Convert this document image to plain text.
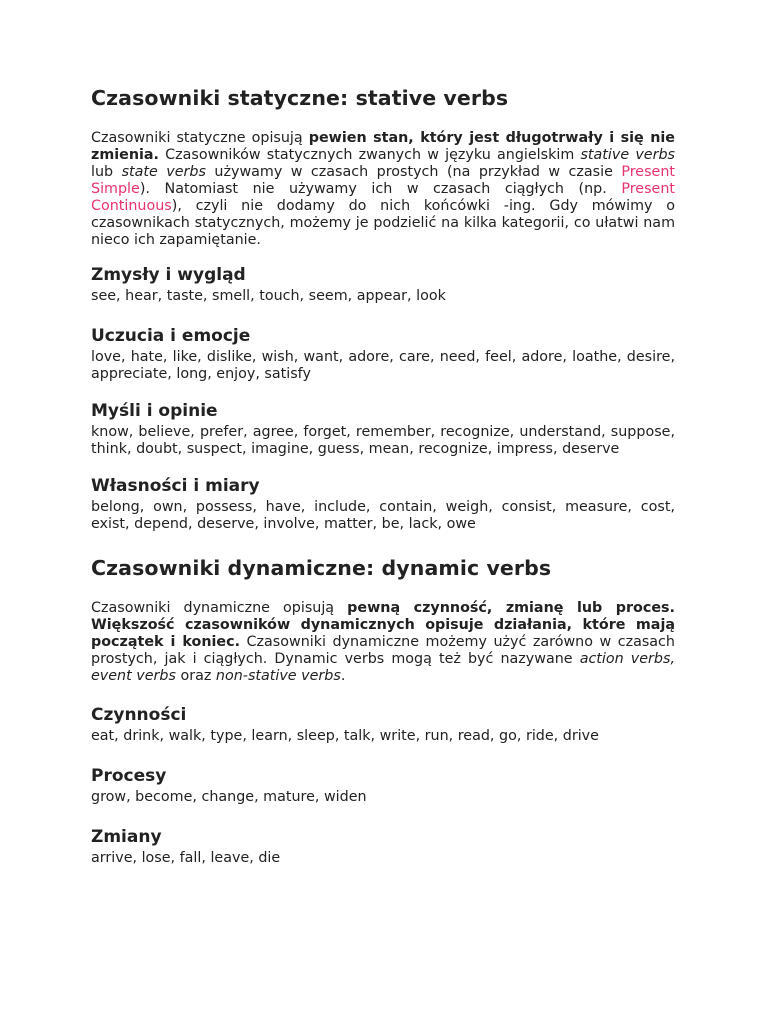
Czasowniki statyczne: stative verbs

Czasowniki statyczne opisują pewien stan, który jest długotrwały i się nie zmienia. Czasowników statycznych zwanych w języku angielskim stative verbs lub state verbs używamy w czasach prostych (na przykład w czasie Present Simple). Natomiast nie używamy ich w czasach ciągłych (np. Present Continuous), czyli nie dodamy do nich końcówki -ing. Gdy mówimy o czasownikach statycznych, możemy je podzielić na kilka kategorii, co ułatwi nam nieco ich zapamiętanie.

Zmysły i wygląd

see, hear, taste, smell, touch, seem, appear, look

Uczucia i emocje

love, hate, like, dislike, wish, want, adore, care, need, feel, adore, loathe, desire, appreciate, long, enjoy, satisfy

Myśli i opinie

know, believe, prefer, agree, forget, remember, recognize, understand, suppose, think, doubt, suspect, imagine, guess, mean, recognize, impress, deserve

Własności i miary

belong, own, possess, have, include, contain, weigh, consist, measure, cost, exist, depend, deserve, involve, matter, be, lack, owe

Czasowniki dynamiczne: dynamic verbs

Czasowniki dynamiczne opisują pewną czynność, zmianę lub proces. Większość czasowników dynamicznych opisuje działania, które mają początek i koniec. Czasowniki dynamiczne możemy użyć zarówno w czasach prostych, jak i ciągłych. Dynamic verbs mogą też być nazywane action verbs, event verbs oraz non-stative verbs.

Czynności

eat, drink, walk, type, learn, sleep, talk, write, run, read, go, ride, drive

Procesy

grow, become, change, mature, widen

Zmiany

arrive, lose, fall, leave, die
